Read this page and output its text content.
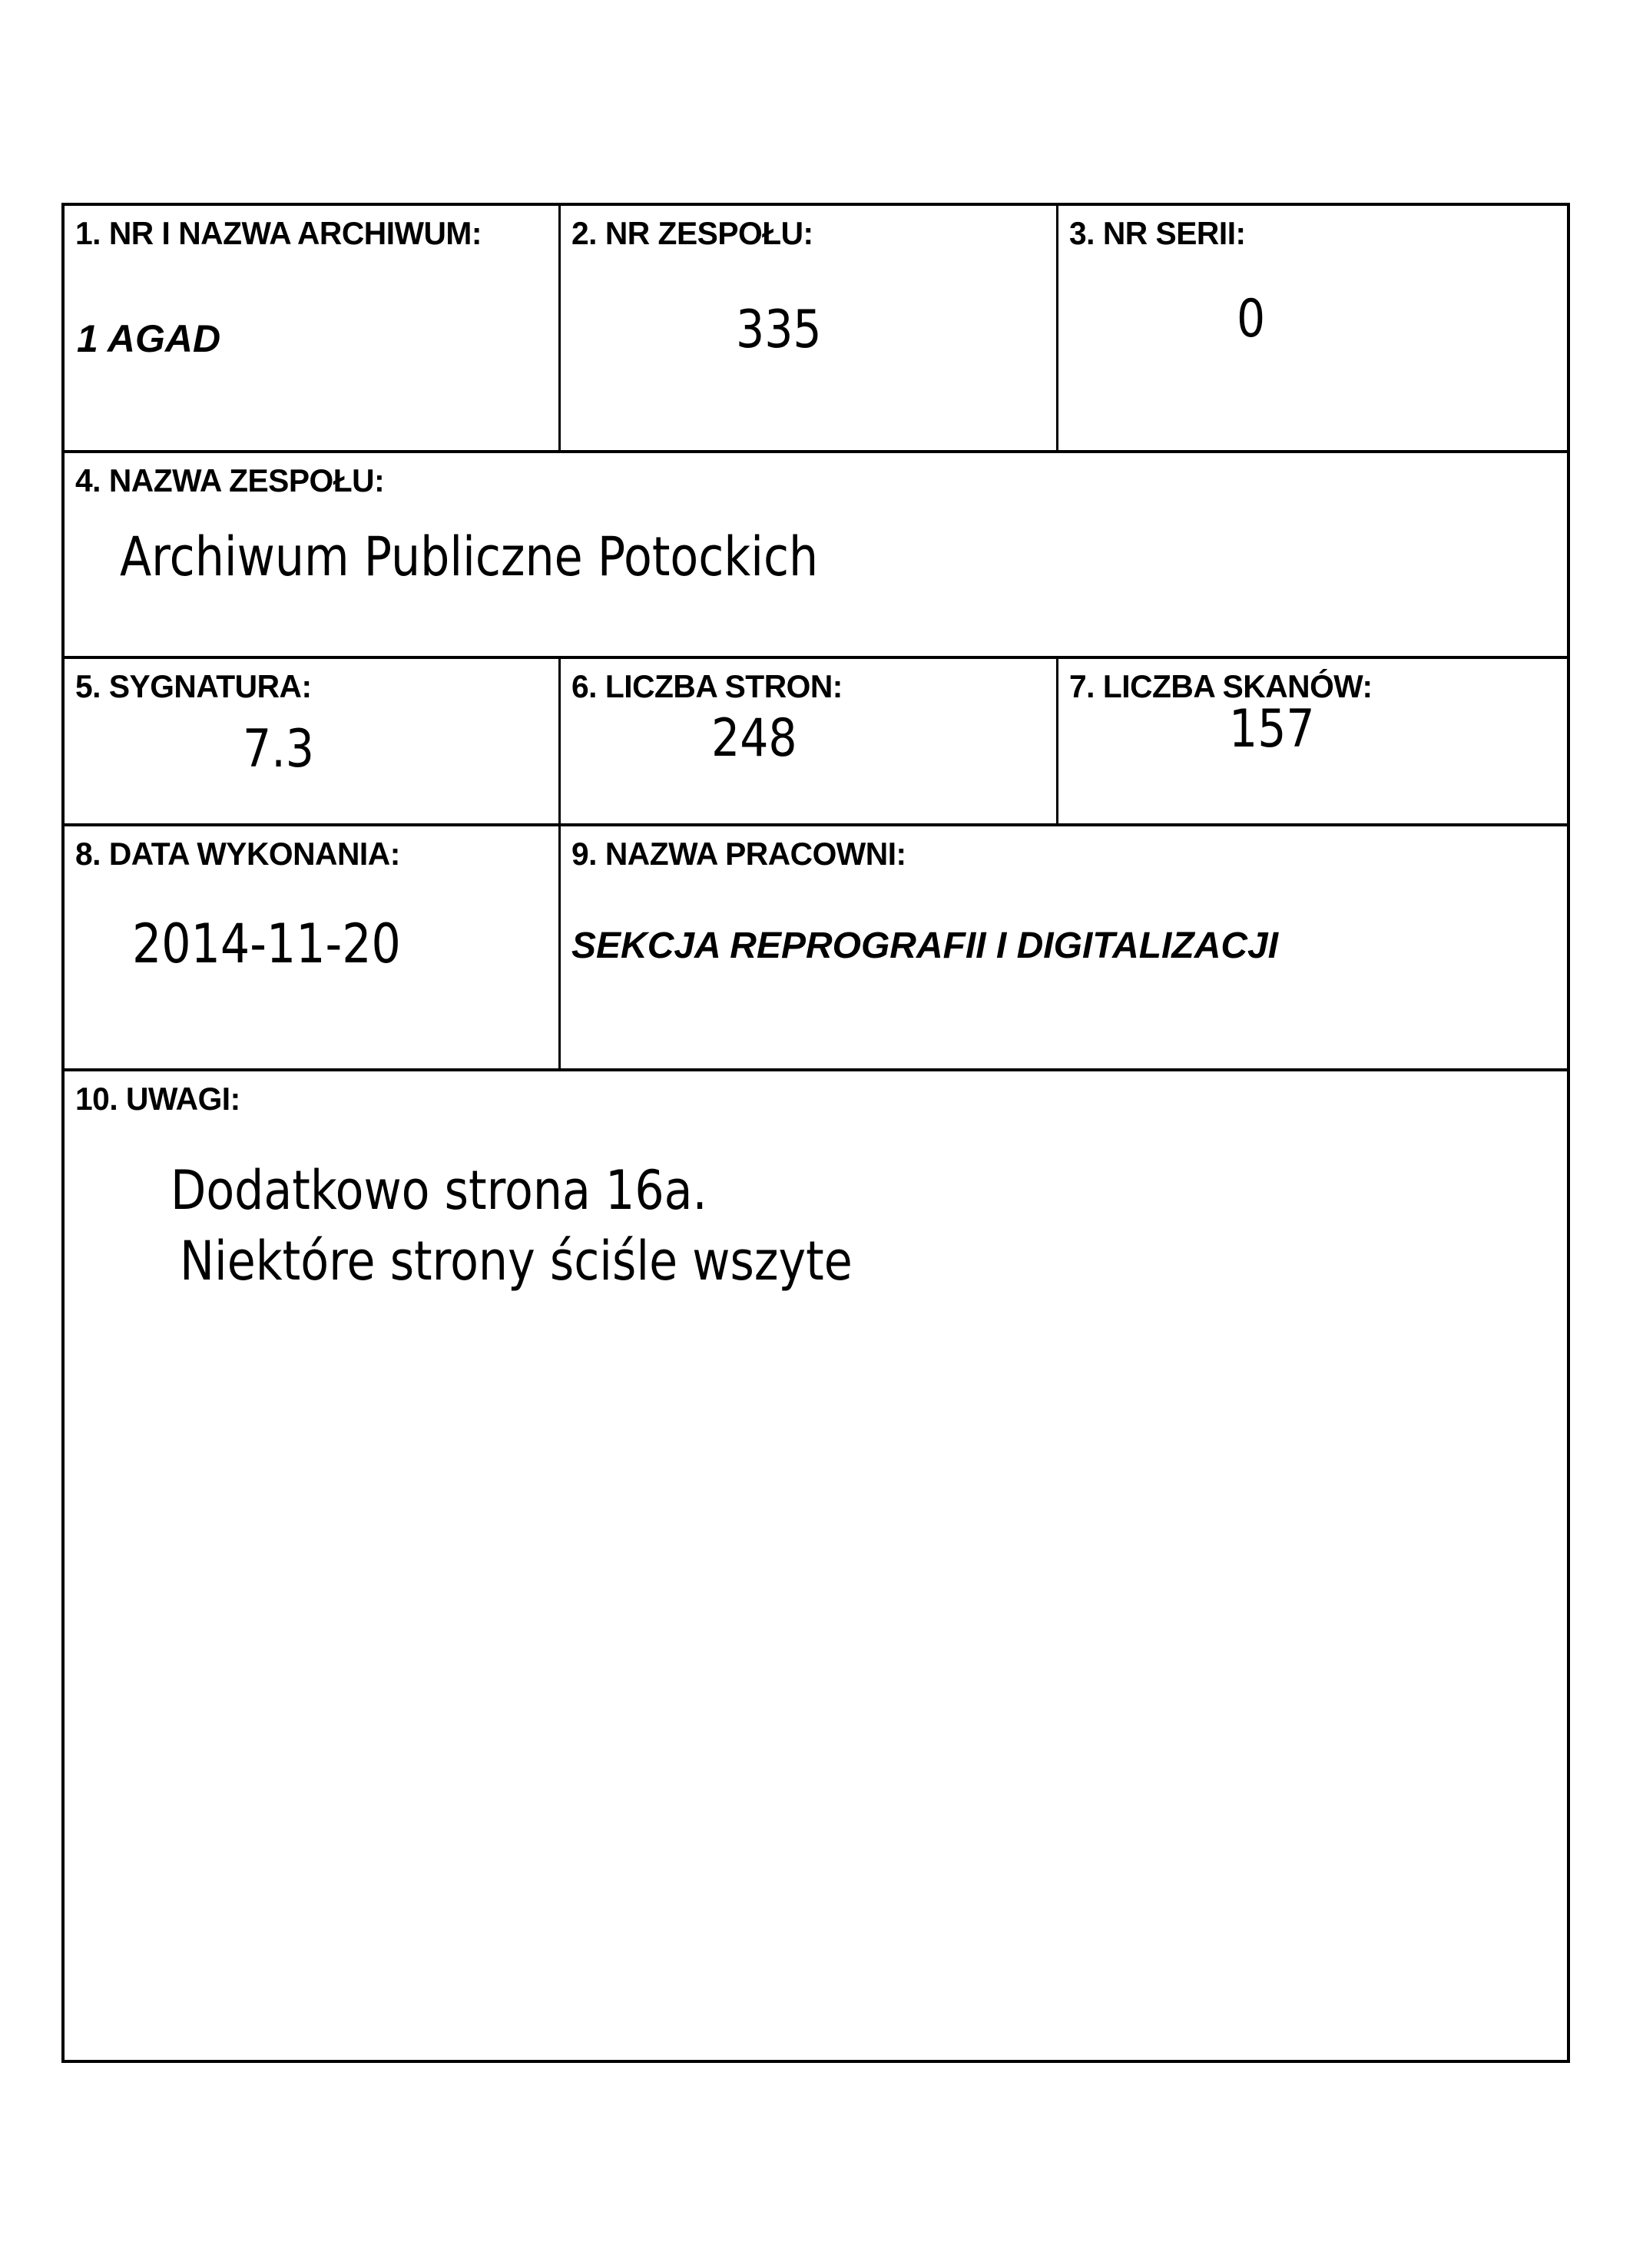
1. NR I NAZWA ARCHIWUM:
1 AGAD
2. NR ZESPOŁU:
335
3. NR SERII:
0
4. NAZWA ZESPOŁU:
Archiwum Publiczne Potockich
5. SYGNATURA:
7.3
6. LICZBA STRON:
248
7. LICZBA SKANÓW:
157
8. DATA WYKONANIA:
2014-11-20
9. NAZWA PRACOWNI:
SEKCJA REPROGRAFII I DIGITALIZACJI
10. UWAGI:
Dodatkowo strona 16a.
Niektóre strony ściśle wszyte
